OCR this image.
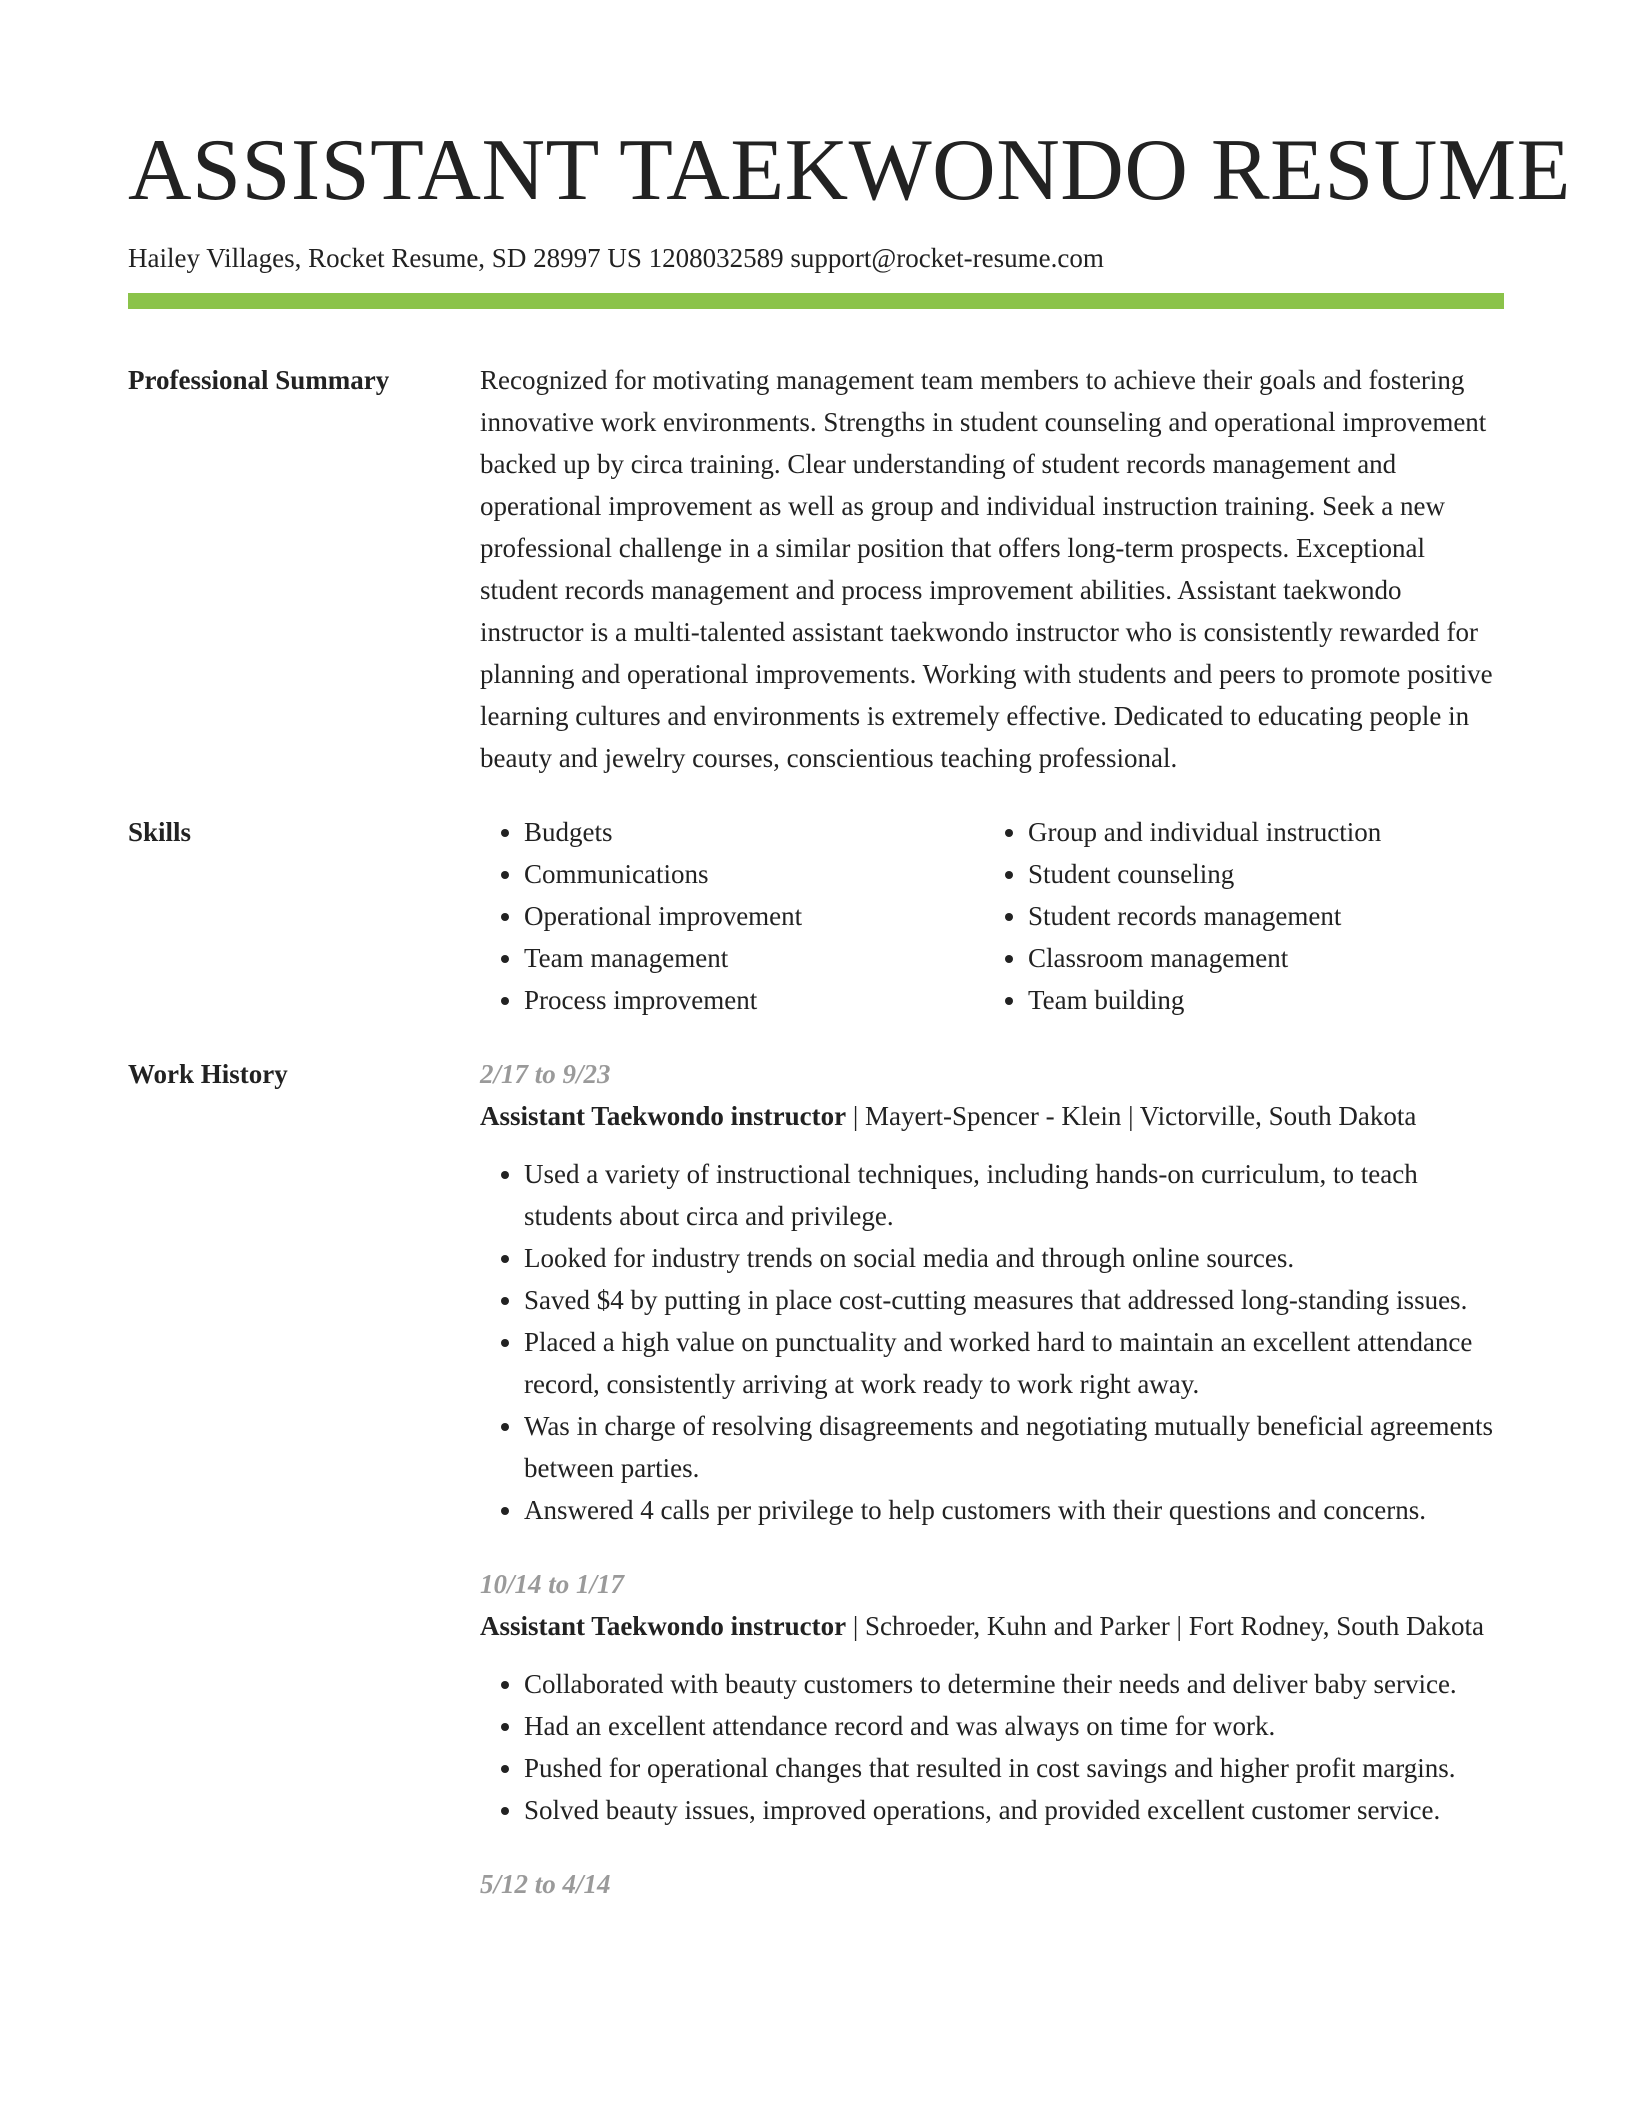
ASSISTANT TAEKWONDO RESUME
Hailey Villages, Rocket Resume, SD 28997 US 1208032589 support@rocket-resume.com
Professional Summary	Recognized for motivating management team members to achieve their goals and fostering innovative work environments. Strengths in student counseling and operational improvement backed up by circa training. Clear understanding of student records management and operational improvement as well as group and individual instruction training. Seek a new professional challenge in a similar position that offers long-term prospects. Exceptional student records management and process improvement abilities. Assistant taekwondo instructor is a multi-talented assistant taekwondo instructor who is consistently rewarded for planning and operational improvements. Working with students and peers to promote positive learning cultures and environments is extremely effective. Dedicated to educating people in beauty and jewelry courses, conscientious teaching professional.

Skills
•	Budgets
• Communications
• Operational improvement
• Team management
• Process improvement
• Group and individual instruction
• Student counseling
• Student records management
• Classroom management
• Team building
Work History	2/17 to 9/23

Assistant Taekwondo instructor | Mayert-Spencer - Klein | Victorville, South Dakota

• Used a variety of instructional techniques, including hands-on curriculum, to teach students about circa and privilege.
• Looked for industry trends on social media and through online sources.
• Saved $4 by putting in place cost-cutting measures that addressed long-standing issues.
• Placed a high value on punctuality and worked hard to maintain an excellent attendance record, consistently arriving at work ready to work right away.
• Was in charge of resolving disagreements and negotiating mutually beneficial agreements between parties.
• Answered 4 calls per privilege to help customers with their questions and concerns.
10/14 to 1/17

Assistant Taekwondo instructor | Schroeder, Kuhn and Parker | Fort Rodney, South Dakota

• Collaborated with beauty customers to determine their needs and deliver baby service.
• Had an excellent attendance record and was always on time for work.
• Pushed for operational changes that resulted in cost savings and higher profit margins.
• Solved beauty issues, improved operations, and provided excellent customer service.
5/12 to 4/14
